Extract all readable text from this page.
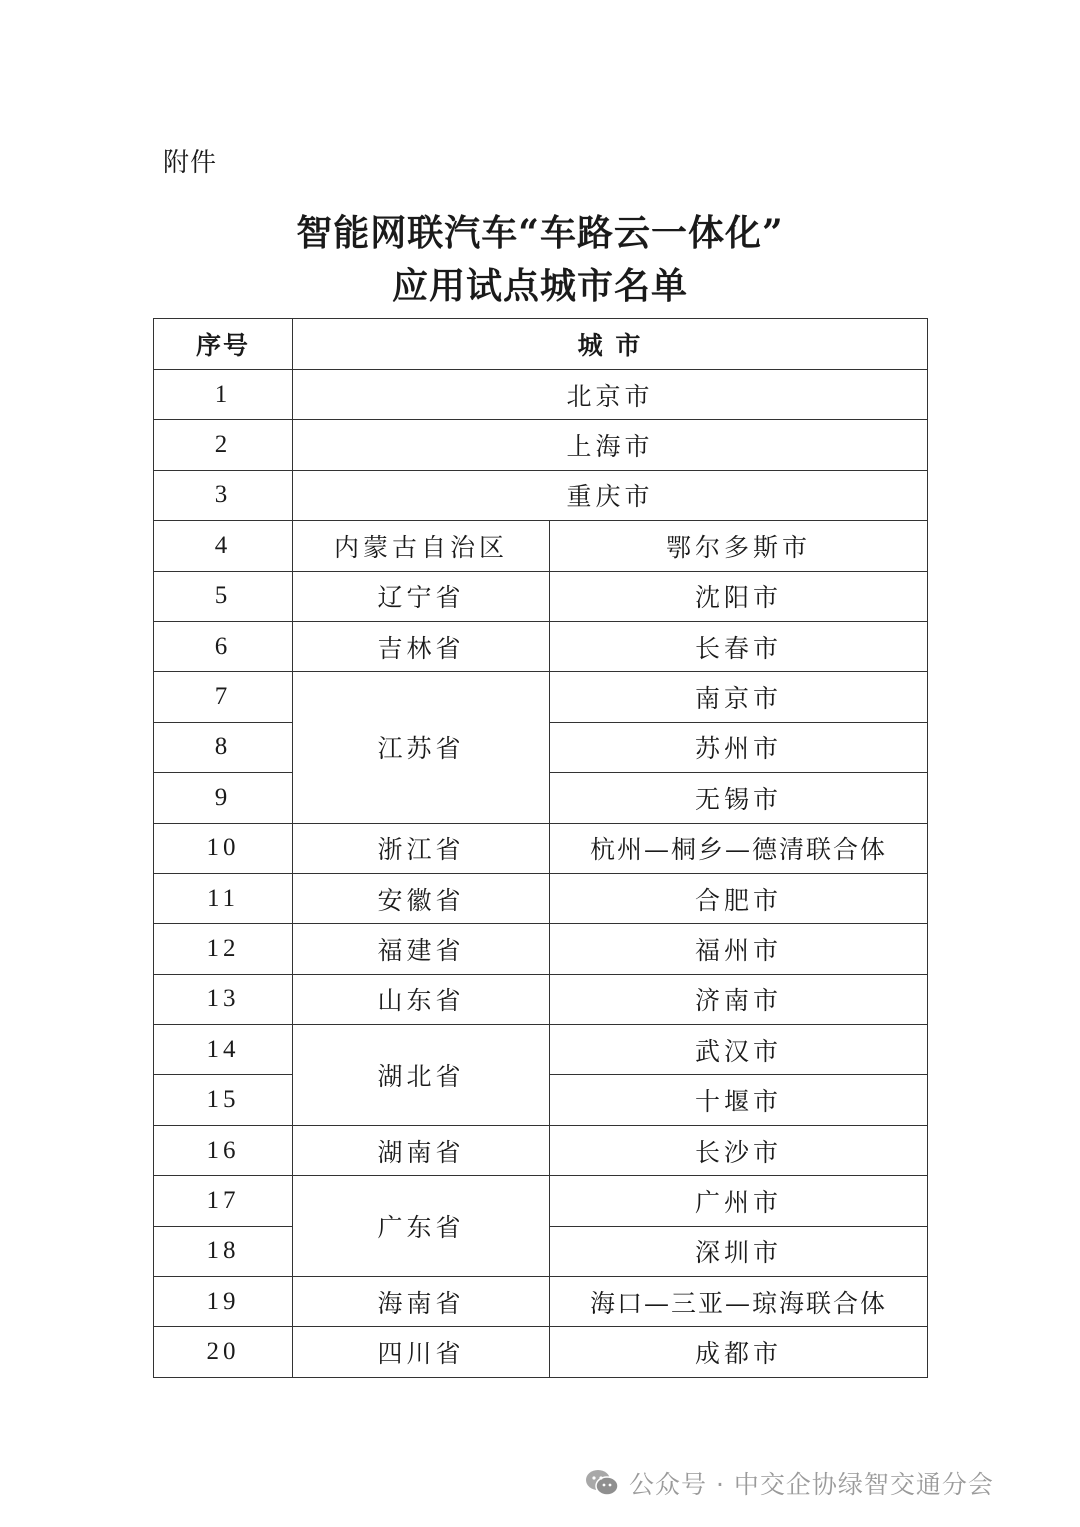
附件
智能网联汽车“车路云一体化”
应用试点城市名单
序号	城 市	
1	北京市	
2	上海市	
3	重庆市	
4	内蒙古自治区	鄂尔多斯市
5	辽宁省	沈阳市
6	吉林省	长春市
7	江苏省	南京市
8		苏州市
9		无锡市
10	浙江省	杭州—桐乡—德清联合体
11	安徽省	合肥市
12	福建省	福州市
13	山东省	济南市
14	湖北省	武汉市
15		十堰市
16	湖南省	长沙市
17	广东省	广州市
18		深圳市
19	海南省	海口—三亚—琼海联合体
20	四川省	成都市
公众号 · 中交企协绿智交通分会
